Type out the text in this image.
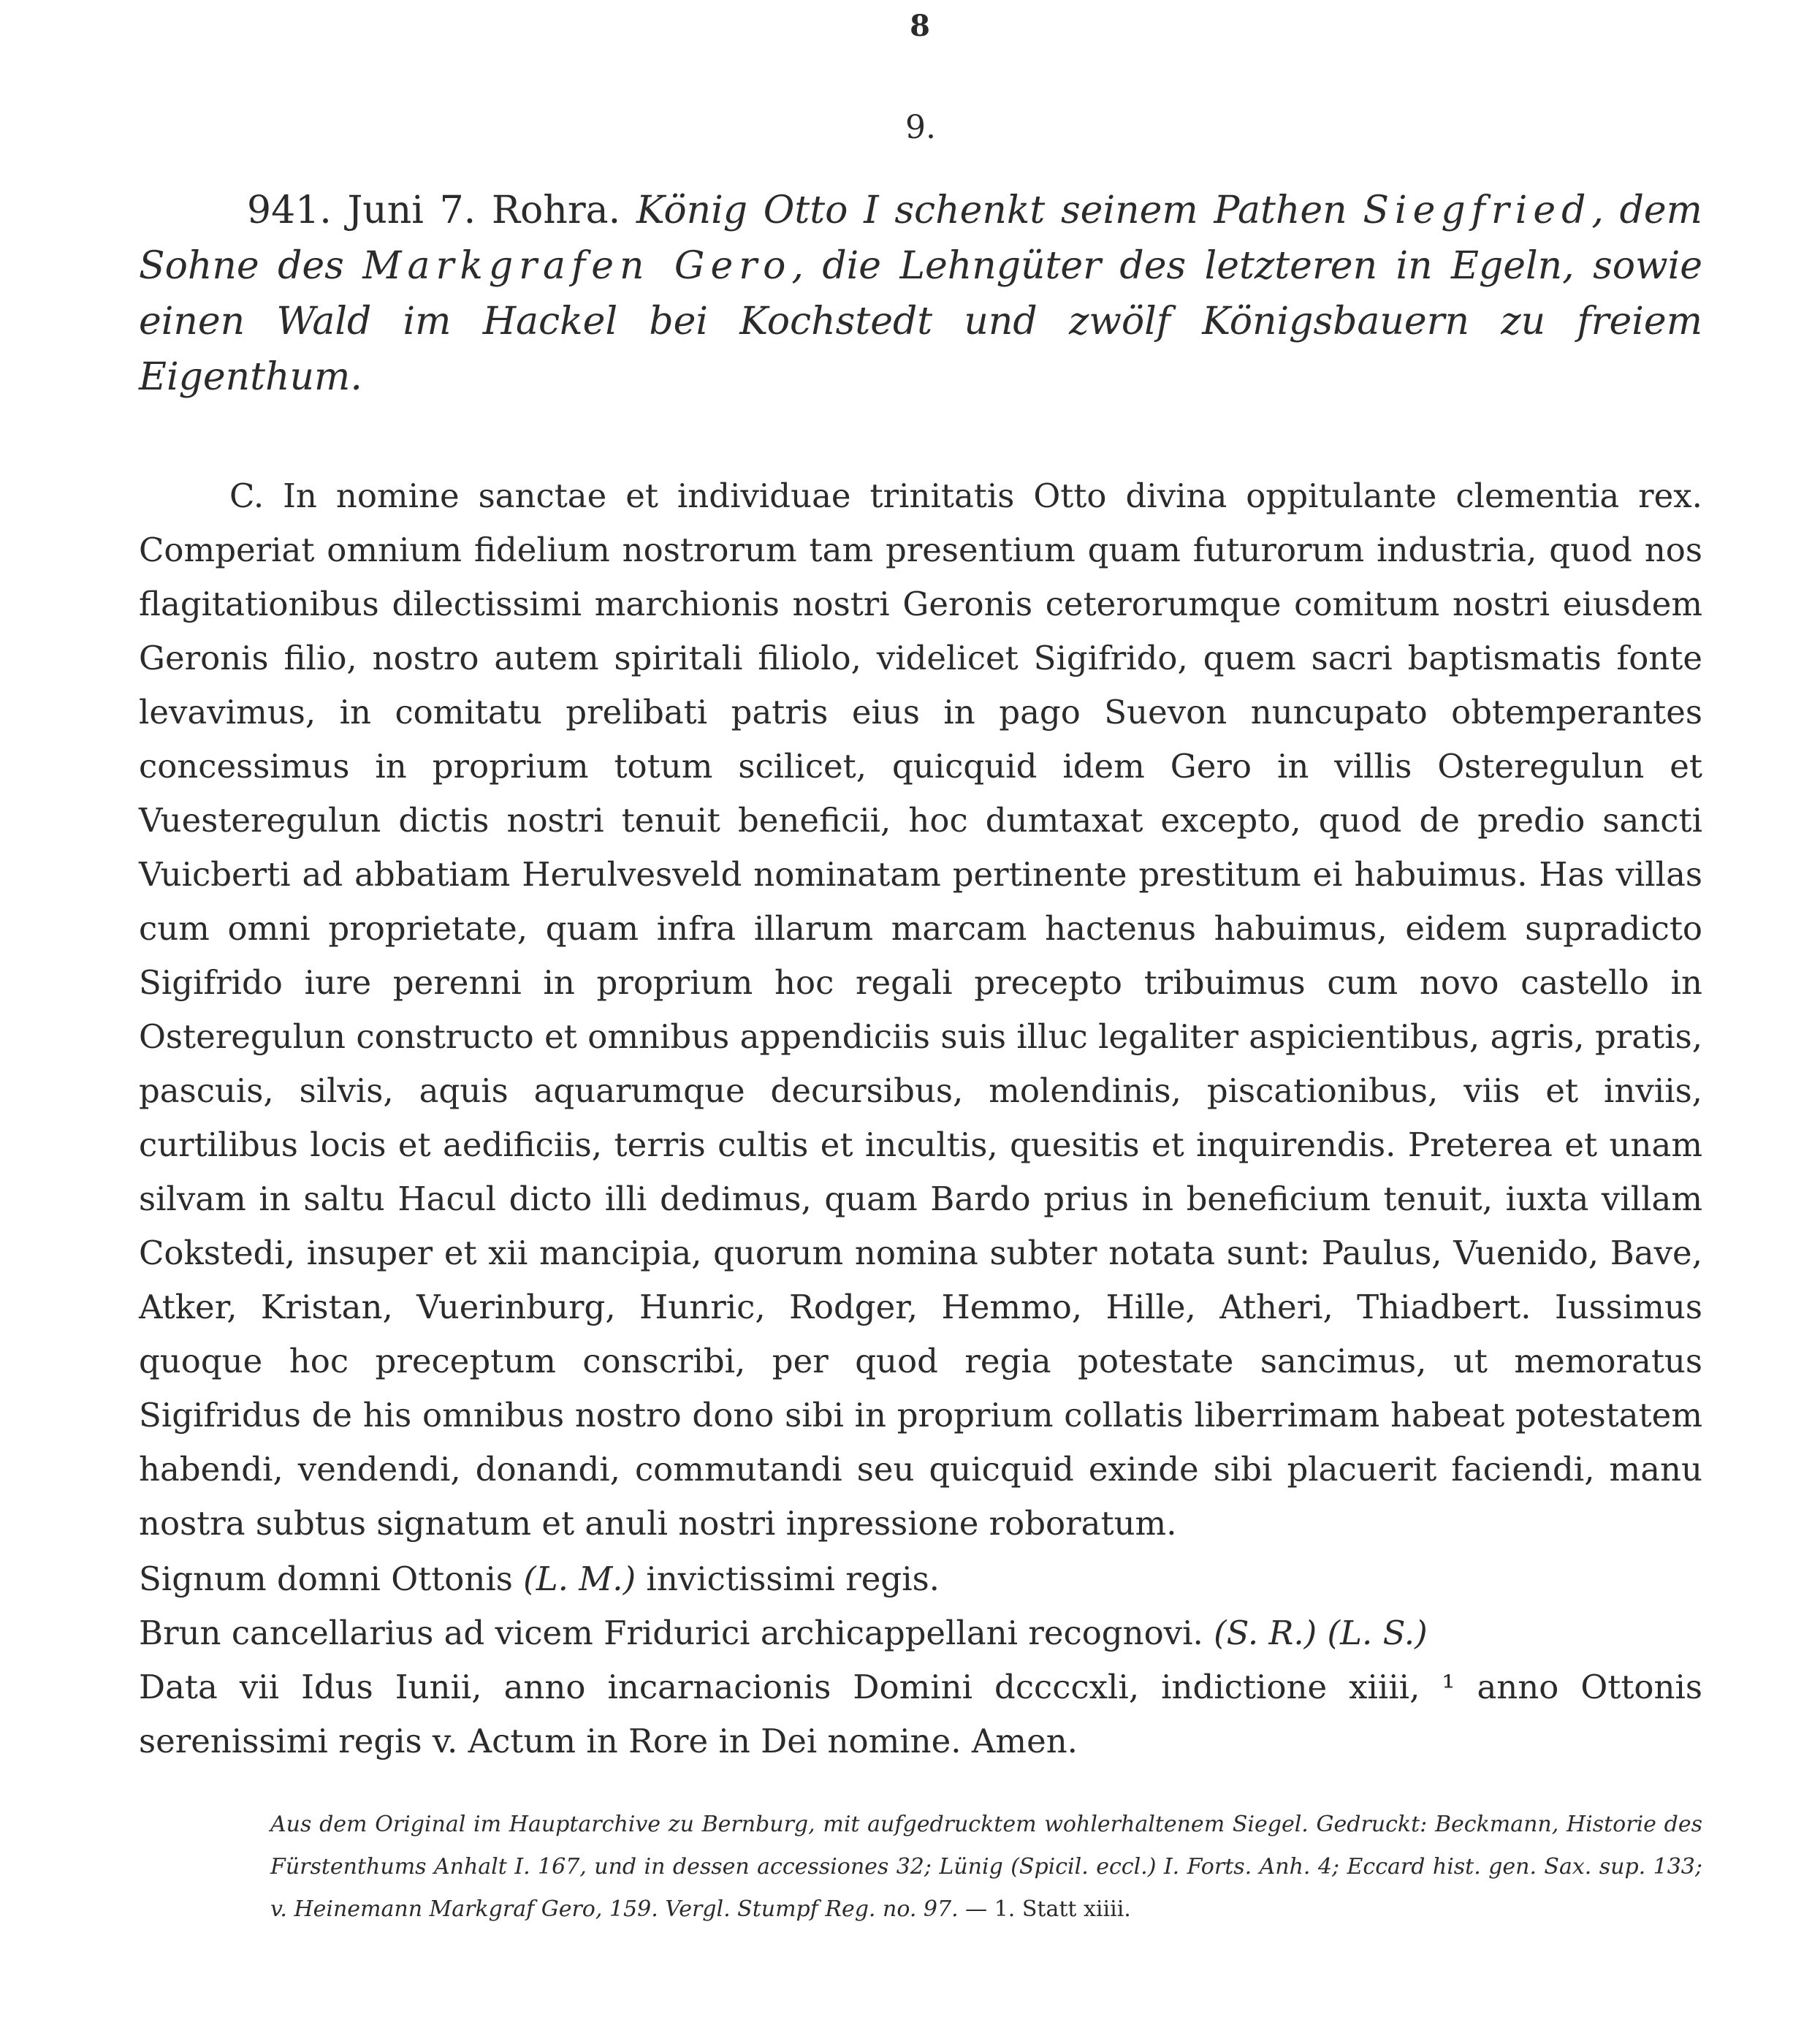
8
9.
941. Juni 7. Rohra. König Otto I schenkt seinem Pathen Siegfried, dem Sohne des Markgrafen Gero, die Lehngüter des letzteren in Egeln, sowie einen Wald im Hackel bei Kochstedt und zwölf Königsbauern zu freiem Eigenthum.
C. In nomine sanctae et individuae trinitatis Otto divina oppitulante clementia rex. Comperiat omnium fidelium nostrorum tam presentium quam futurorum industria, quod nos flagitationibus dilectissimi marchionis nostri Geronis ceterorumque comitum nostri eiusdem Geronis filio, nostro autem spiritali filiolo, videlicet Sigifrido, quem sacri baptismatis fonte levavimus, in comitatu prelibati patris eius in pago Suevon nuncupato obtemperantes concessimus in proprium totum scilicet, quicquid idem Gero in villis Osteregulun et Vuesteregulun dictis nostri tenuit beneficii, hoc dumtaxat excepto, quod de predio sancti Vuicberti ad abbatiam Herulvesveld nominatam pertinente prestitum ei habuimus. Has villas cum omni proprietate, quam infra illarum marcam hactenus habuimus, eidem supradicto Sigifrido iure perenni in proprium hoc regali precepto tribuimus cum novo castello in Osteregulun constructo et omnibus appendiciis suis illuc legaliter aspicientibus, agris, pratis, pascuis, silvis, aquis aquarumque decursibus, molendinis, piscationibus, viis et inviis, curtilibus locis et aedificiis, terris cultis et incultis, quesitis et inquirendis. Preterea et unam silvam in saltu Hacul dicto illi dedimus, quam Bardo prius in beneficium tenuit, iuxta villam Cokstedi, insuper et xii mancipia, quorum nomina subter notata sunt: Paulus, Vuenido, Bave, Atker, Kristan, Vuerinburg, Hunric, Rodger, Hemmo, Hille, Atheri, Thiadbert. Iussimus quoque hoc preceptum conscribi, per quod regia potestate sancimus, ut memoratus Sigifridus de his omnibus nostro dono sibi in proprium collatis liberrimam habeat potestatem habendi, vendendi, donandi, commutandi seu quicquid exinde sibi placuerit faciendi, manu nostra subtus signatum et anuli nostri inpressione roboratum.
Signum domni Ottonis (L. M.) invictissimi regis.
Brun cancellarius ad vicem Fridurici archicappellani recognovi. (S. R.) (L. S.)
Data vii Idus Iunii, anno incarnacionis Domini dccccxli, indictione xiiii, ¹ anno Ottonis serenissimi regis v. Actum in Rore in Dei nomine. Amen.
Aus dem Original im Hauptarchive zu Bernburg, mit aufgedrucktem wohlerhaltenem Siegel. Gedruckt: Beckmann, Historie des Fürstenthums Anhalt I. 167, und in dessen accessiones 32; Lünig (Spicil. eccl.) I. Forts. Anh. 4; Eccard hist. gen. Sax. sup. 133; v. Heinemann Markgraf Gero, 159. Vergl. Stumpf Reg. no. 97. — 1. Statt xiiii.
